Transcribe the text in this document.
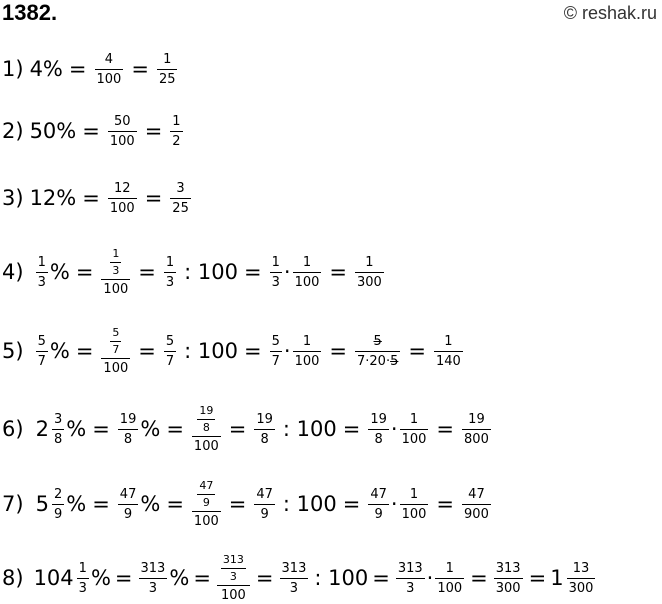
1382.	© reshak.ru
1) $4\% = \frac{4}{100} = \frac{1}{25}$
2) $50\% = \frac{50}{100} = \frac{1}{2}$
3) $12\% = \frac{12}{100} = \frac{3}{25}$
$4) \frac{1}{3}$ % = $\frac{\frac{1}{3}}{100} = \frac{1}{3}$ : $100 = \frac{1}{3} \cdot \frac{1}{100} = \frac{1}{300}$
$5) \frac{5}{7}$ % = $\frac{\frac{5}{7}}{100} = \frac{5}{7}$ : $100 = \frac{5}{7} \cdot \frac{1}{100} = \frac{5}{7\cdot 20\cdot 5} = \frac{1}{140}$
6) $2 \frac{3}{8}$ % = $\frac{19}{8}$ % = $\frac{\frac{19}{8}}{100} = \frac{19}{8}$ : $100 = \frac{19}{8} \cdot \frac{1}{100} = \frac{19}{800}$
7) $5 \frac{2}{9}$ % = $\frac{47}{9}$ % = $\frac{\frac{47}{9}}{100} = \frac{47}{9}$ : $100 = \frac{47}{9} \cdot \frac{1}{100} = \frac{47}{900}$
8) $104 \frac{1}{3}$ % = $\frac{313}{3}$ % = $\frac{\frac{313}{3}}{100} = \frac{313}{3}$ : $100 = \frac{313}{3} \cdot \frac{1}{100} = \frac{313}{300} = 1 \frac{13}{300}$
